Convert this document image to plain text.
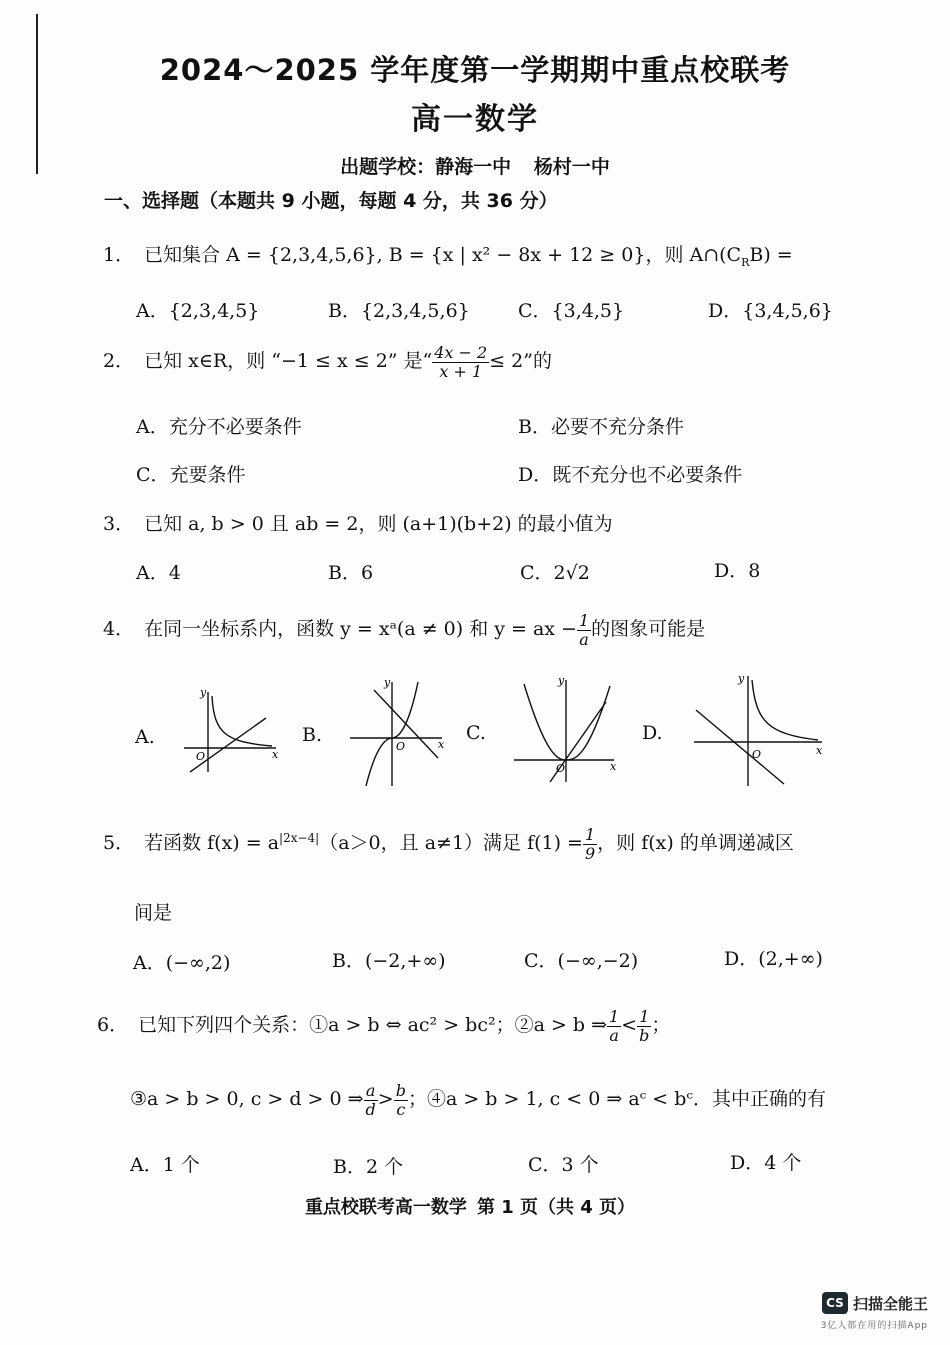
2024～2025 学年度第一学期期中重点校联考
高一数学
出题学校：静海一中 杨村一中
一、选择题（本题共 9 小题，每题 4 分，共 36 分）
1． 已知集合 A = {2,3,4,5,6}, B = {x | x² − 8x + 12 ≥ 0}，则 $A\cap(C_RB)$ =
A．{2,3,4,5}	B．{2,3,4,5,6}	C．{3,4,5}	D．{3,4,5,6}
2． 已知 x∈R，则 “−1 ≤ x ≤ 2” 是“ $\frac{4x - 2}{x + 1} \le 2$”的
A．充分不必要条件	B．必要不充分条件
C．充要条件	D．既不充分也不必要条件
3． 已知 a, b > 0 且 ab = 2，则 (a+1)(b+2) 的最小值为
A．4	B．6	C．2√2	D．8
4． 在同一坐标系内，函数 y = xᵃ(a ≠ 0) 和 y = ax − $\frac{1}{a}$ 的图象可能是
A.
y
x
O
B.
y
x
O
C.
y
x
O
D.
y
x
O
5． 若函数 $f(x) = a^{|2x-4|}(a>0$，且 a≠1）满足 $f(1) = \frac{1}{9}$ ，则 f(x) 的单调递减区
间是
A．(−∞,2)	B．(−2,+∞)	C．(−∞,−2)	D．(2,+∞)
6． 已知下列四个关系：①a > b ⇔ ac² > bc²；②a > b ⇒ $\frac{1}{a} < \frac{1}{b}$ ；
③a > b > 0, c > d > 0 ⇒ $\frac{a}{d} > \frac{b}{c}$ ；④a > b > 1, c < 0 ⇒ aᶜ < bᶜ．其中正确的有
A．1 个	B．2 个	C．3 个	D．4 个
重点校联考高一数学 第 1 页（共 4 页）
CS 扫描全能王
3亿人都在用的扫描App
